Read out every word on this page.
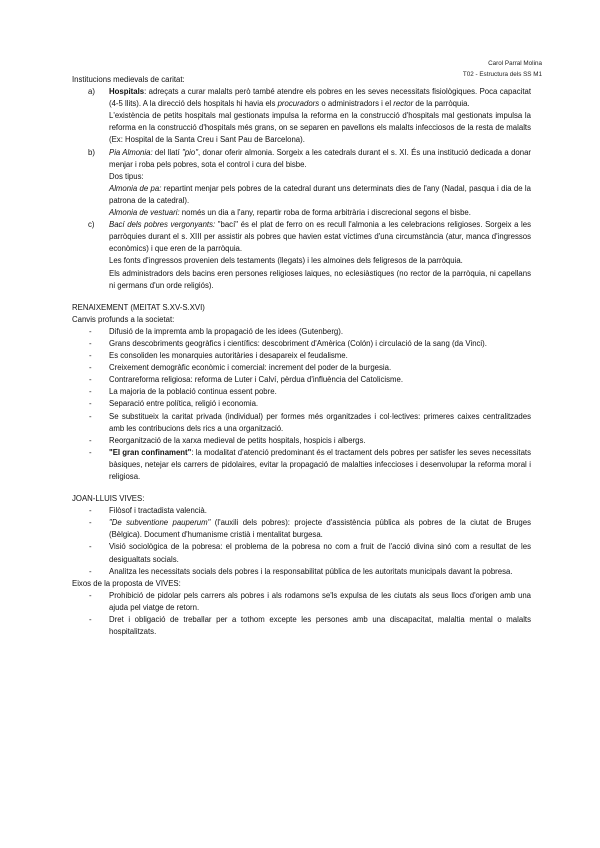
Carol Parral Molina
T02 - Estructura dels SS M1

Institucions medievals de caritat:

a) Hospitals: adreçats a curar malalts però també atendre els pobres en les seves necessitats fisiològiques. Poca capacitat (4-5 llits). A la direcció dels hospitals hi havia els procuradors o administradors i el rector de la parròquia.

L'existència de petits hospitals mal gestionats impulsa la reforma en la construcció d'hospitals mal gestionats impulsa la reforma en la construcció d'hospitals més grans, on se separen en pavellons els malalts infecciosos de la resta de malalts (Ex: Hospital de la Santa Creu i Sant Pau de Barcelona).

b) Pia Almonia: del llatí "pio", donar oferir almonia. Sorgeix a les catedrals durant el s. XI. És una institució dedicada a donar menjar i roba pels pobres, sota el control i cura del bisbe.

Dos tipus:

Almonia de pa: repartint menjar pels pobres de la catedral durant uns determinats dies de l'any (Nadal, pasqua i dia de la patrona de la catedral).

Almonia de vestuari: només un dia a l'any, repartir roba de forma arbitrària i discrecional segons el bisbe.

c) Bací dels pobres vergonyants: "bací" és el plat de ferro on es recull l'almonia a les celebracions religioses. Sorgeix a les parròquies durant el s. XIII per assistir als pobres que havien estat víctimes d'una circumstància (atur, manca d'ingressos econòmics) i que eren de la parròquia.

Les fonts d'ingressos provenien dels testaments (llegats) i les almoines dels feligresos de la parròquia.

Els administradors dels bacins eren persones religioses laiques, no eclesiàstiques (no rector de la parròquia, ni capellans ni germans d'un orde religiós).

RENAIXEMENT (MEITAT S.XV-S.XVI)

Canvis profunds a la societat:

- Difusió de la impremta amb la propagació de les idees (Gutenberg).
- Grans descobriments geogràfics i científics: descobriment d'Amèrica (Colón) i circulació de la sang (da Vinci).
- Es consoliden les monarquies autoritàries i desapareix el feudalisme.
- Creixement demogràfic econòmic i comercial: increment del poder de la burgesia.
- Contrareforma religiosa: reforma de Luter i Calví, pèrdua d'influència del Catolicisme.
- La majoria de la població continua essent pobre.
- Separació entre política, religió i economia.
- Se substitueix la caritat privada (individual) per formes més organitzades i col·lectives: primeres caixes centralitzades amb les contribucions dels rics a una organització.
- Reorganització de la xarxa medieval de petits hospitals, hospicis i albergs.
- "El gran confinament": la modalitat d'atenció predominant és el tractament dels pobres per satisfer les seves necessitats bàsiques, netejar els carrers de pidolaires, evitar la propagació de malalties infeccioses i desenvolupar la reforma moral i religiosa.

JOAN-LLUIS VIVES:

- Filòsof i tractadista valencià.
- "De subventione pauperum" (l'auxili dels pobres): projecte d'assistència pública als pobres de la ciutat de Bruges (Bèlgica). Document d'humanisme cristià i mentalitat burgesa.
- Visió sociològica de la pobresa: el problema de la pobresa no com a fruit de l'acció divina sinó com a resultat de les desigualtats socials.
- Analitza les necessitats socials dels pobres i la responsabilitat pública de les autoritats municipals davant la pobresa.

Eixos de la proposta de VIVES:

- Prohibició de pidolar pels carrers als pobres i als rodamons se'ls expulsa de les ciutats als seus llocs d'origen amb una ajuda pel viatge de retorn.
- Dret i obligació de treballar per a tothom excepte les persones amb una discapacitat, malaltia mental o malalts hospitalitzats.
